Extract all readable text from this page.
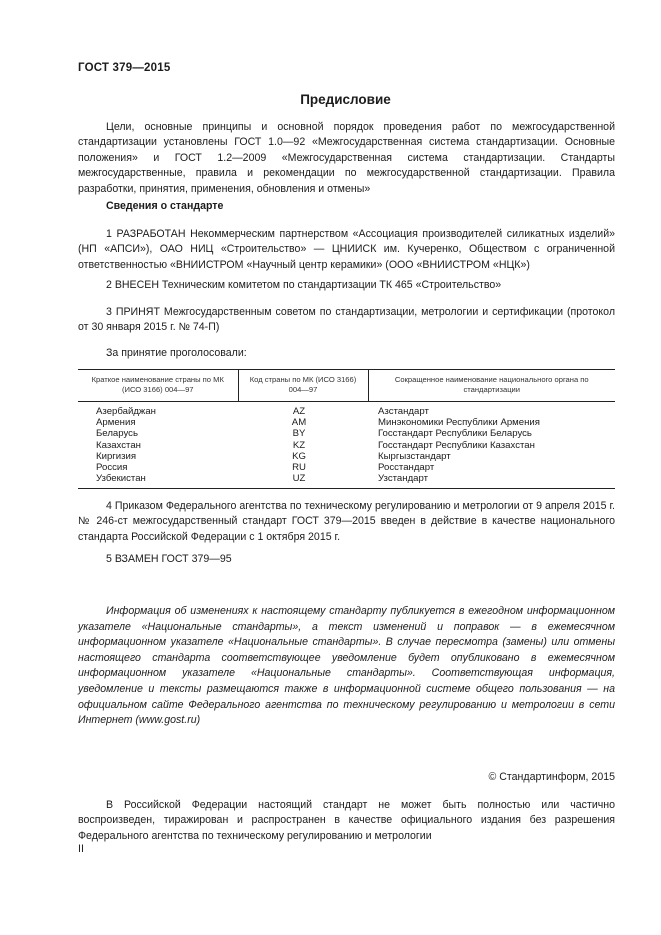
ГОСТ 379—2015
Предисловие
Цели, основные принципы и основной порядок проведения работ по межгосударственной стандартизации установлены ГОСТ 1.0—92 «Межгосударственная система стандартизации. Основные положения» и ГОСТ 1.2—2009 «Межгосударственная система стандартизации. Стандарты межгосударственные, правила и рекомендации по межгосударственной стандартизации. Правила разработки, принятия, применения, обновления и отмены»
Сведения о стандарте
1 РАЗРАБОТАН Некоммерческим партнерством «Ассоциация производителей силикатных изделий» (НП «АПСИ»), ОАО НИЦ «Строительство» — ЦНИИСК им. Кучеренко, Обществом с ограниченной ответственностью «ВНИИСТРОМ «Научный центр керамики» (ООО «ВНИИСТРОМ «НЦК»)
2 ВНЕСЕН Техническим комитетом по стандартизации ТК 465 «Строительство»
3 ПРИНЯТ Межгосударственным советом по стандартизации, метрологии и сертификации (протокол от 30 января 2015 г. № 74-П)
За принятие проголосовали:
Краткое наименование страны по МК (ИСО 3166) 004—97	Код страны по МК (ИСО 3166) 004—97	Сокращенное наименование национального органа по стандартизации
Азербайджан	AZ	Азстандарт
Армения	AM	Минэкономики Республики Армения
Беларусь	BY	Госстандарт Республики Беларусь
Казахстан	KZ	Госстандарт Республики Казахстан
Киргизия	KG	Кыргызстандарт
Россия	RU	Росстандарт
Узбекистан	UZ	Узстандарт
4 Приказом Федерального агентства по техническому регулированию и метрологии от 9 апреля 2015 г. № 246-ст межгосударственный стандарт ГОСТ 379—2015 введен в действие в качестве национального стандарта Российской Федерации с 1 октября 2015 г.
5 ВЗАМЕН ГОСТ 379—95
Информация об изменениях к настоящему стандарту публикуется в ежегодном информационном указателе «Национальные стандарты», а текст изменений и поправок — в ежемесячном информационном указателе «Национальные стандарты». В случае пересмотра (замены) или отмены настоящего стандарта соответствующее уведомление будет опубликовано в ежемесячном информационном указателе «Национальные стандарты». Соответствующая информация, уведомление и тексты размещаются также в информационной системе общего пользования — на официальном сайте Федерального агентства по техническому регулированию и метрологии в сети Интернет (www.gost.ru)
© Стандартинформ, 2015
В Российской Федерации настоящий стандарт не может быть полностью или частично воспроизведен, тиражирован и распространен в качестве официального издания без разрешения Федерального агентства по техническому регулированию и метрологии
II
